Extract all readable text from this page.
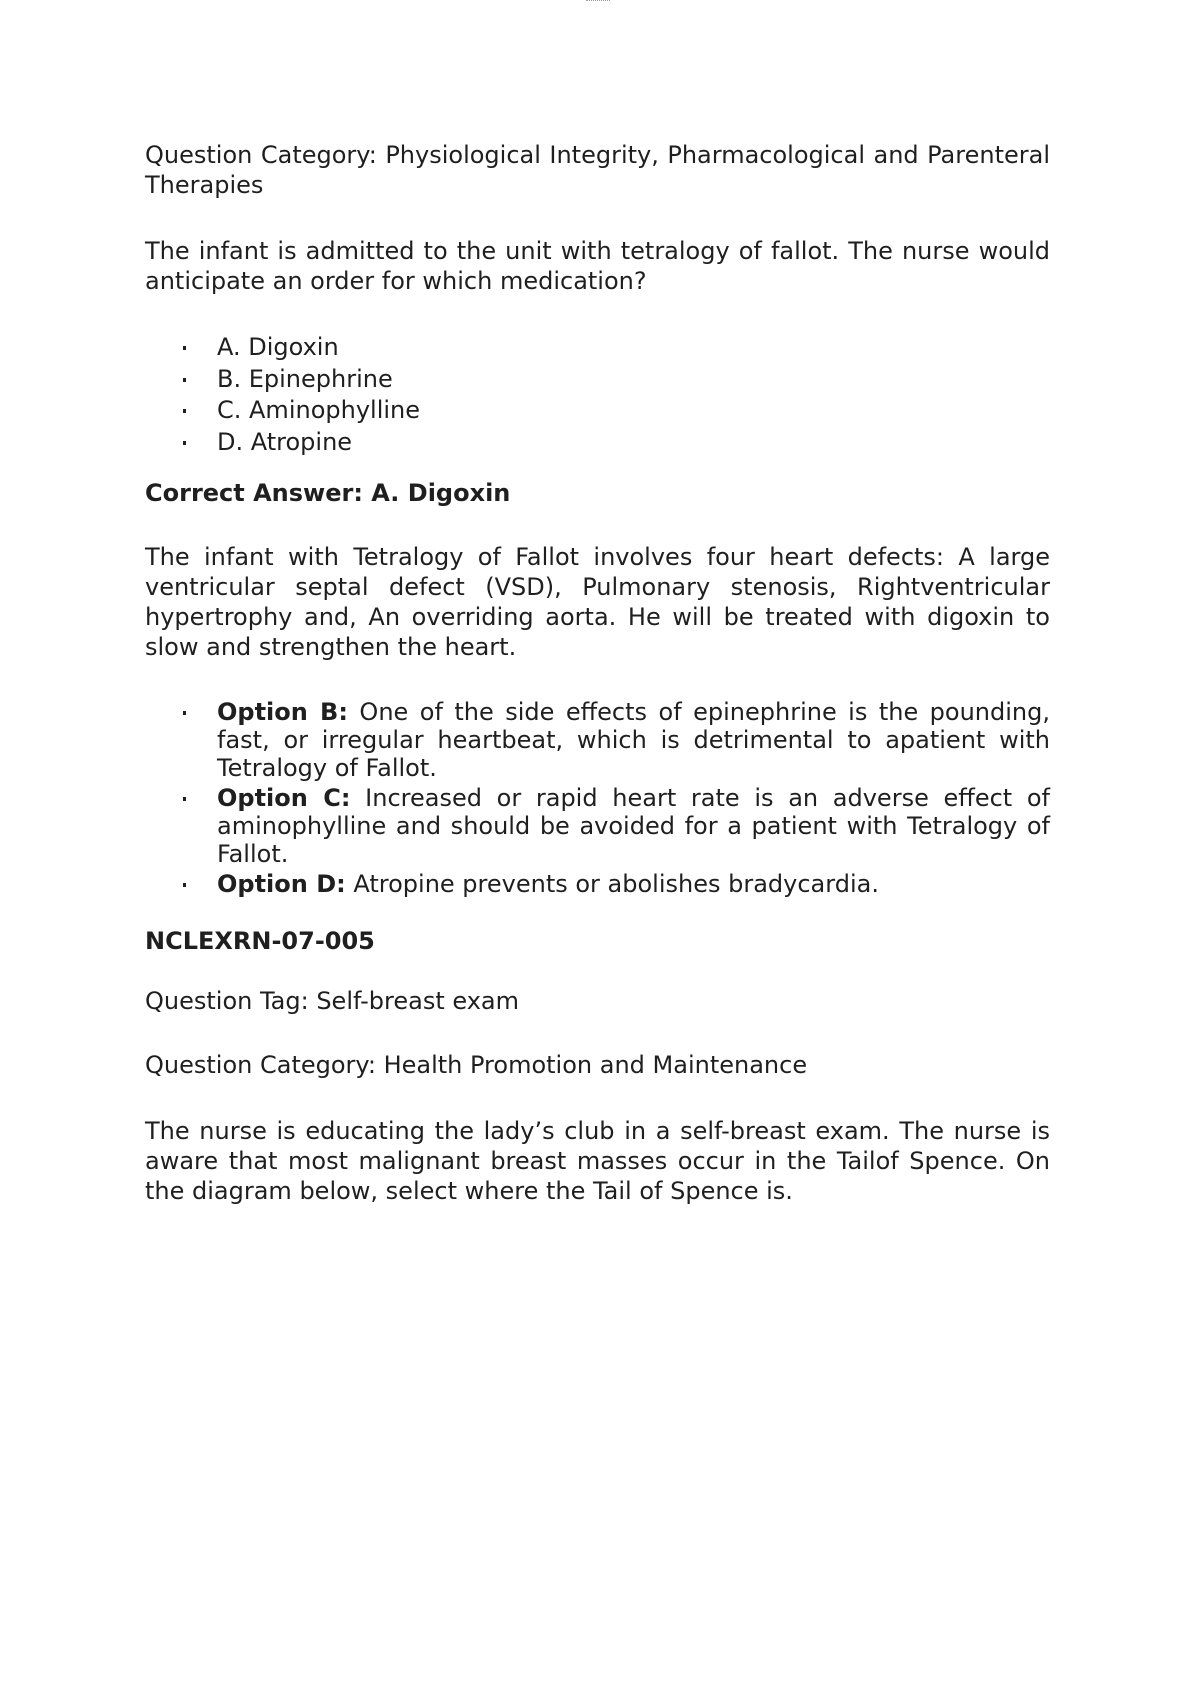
Question Category: Physiological Integrity, Pharmacological and Parenteral Therapies

The infant is admitted to the unit with tetralogy of fallot. The nurse would anticipate an order for which medication?

A. Digoxin
B. Epinephrine
C. Aminophylline
D. Atropine

Correct Answer: A. Digoxin

The infant with Tetralogy of Fallot involves four heart defects: A large ventricular septal defect (VSD), Pulmonary stenosis, Rightventricular hypertrophy and, An overriding aorta. He will be treated with digoxin to slow and strengthen the heart.

Option B: One of the side effects of epinephrine is the pounding, fast, or irregular heartbeat, which is detrimental to apatient with Tetralogy of Fallot.
Option C: Increased or rapid heart rate is an adverse effect of aminophylline and should be avoided for a patient with Tetralogy of Fallot.
Option D: Atropine prevents or abolishes bradycardia.

NCLEXRN-07-005

Question Tag: Self-breast exam

Question Category: Health Promotion and Maintenance

The nurse is educating the lady’s club in a self-breast exam. The nurse is aware that most malignant breast masses occur in the Tailof Spence. On the diagram below, select where the Tail of Spence is.
